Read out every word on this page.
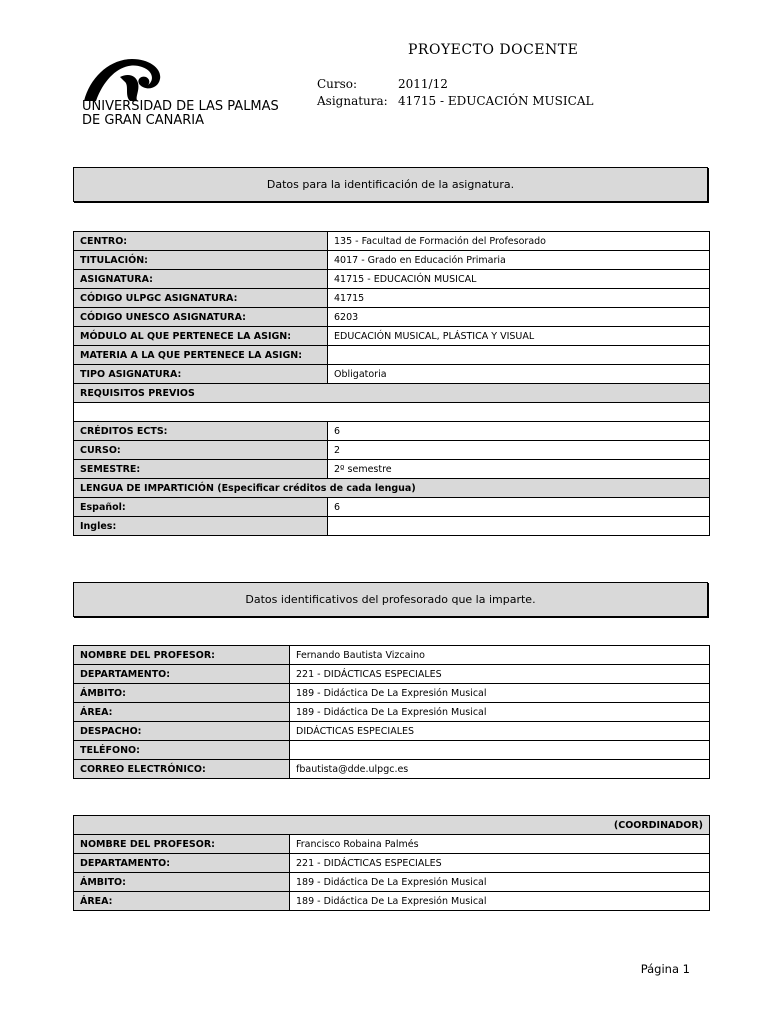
UNIVERSIDAD DE LAS PALMAS
DE GRAN CANARIA
PROYECTO DOCENTE
Curso:	2011/12
Asignatura: 41715 - EDUCACIÓN MUSICAL
Datos para la identificación de la asignatura.
CENTRO:	135 - Facultad de Formación del Profesorado
TITULACIÓN:	4017 - Grado en Educación Primaria
ASIGNATURA:	41715 - EDUCACIÓN MUSICAL
CÓDIGO ULPGC ASIGNATURA:	41715
CÓDIGO UNESCO ASIGNATURA:	6203
MÓDULO AL QUE PERTENECE LA ASIGN:	EDUCACIÓN MUSICAL, PLÁSTICA Y VISUAL
MATERIA A LA QUE PERTENECE LA ASIGN:	
TIPO ASIGNATURA:	Obligatoria
REQUISITOS PREVIOS	

CRÉDITOS ECTS:	6
CURSO:	2
SEMESTRE:	2º semestre
LENGUA DE IMPARTICIÓN (Especificar créditos de cada lengua)	
Español:	6
Ingles:	
Datos identificativos del profesorado que la imparte.
NOMBRE DEL PROFESOR:	Fernando Bautista Vizcaino
DEPARTAMENTO:	221 - DIDÁCTICAS ESPECIALES
ÁMBITO:	189 - Didáctica De La Expresión Musical
ÁREA:	189 - Didáctica De La Expresión Musical
DESPACHO:	DIDÁCTICAS ESPECIALES
TELÉFONO:	
CORREO ELECTRÓNICO:	fbautista@dde.ulpgc.es
(COORDINADOR)	
NOMBRE DEL PROFESOR:	Francisco Robaina Palmés
DEPARTAMENTO:	221 - DIDÁCTICAS ESPECIALES
ÁMBITO:	189 - Didáctica De La Expresión Musical
ÁREA:	189 - Didáctica De La Expresión Musical
Página 1
